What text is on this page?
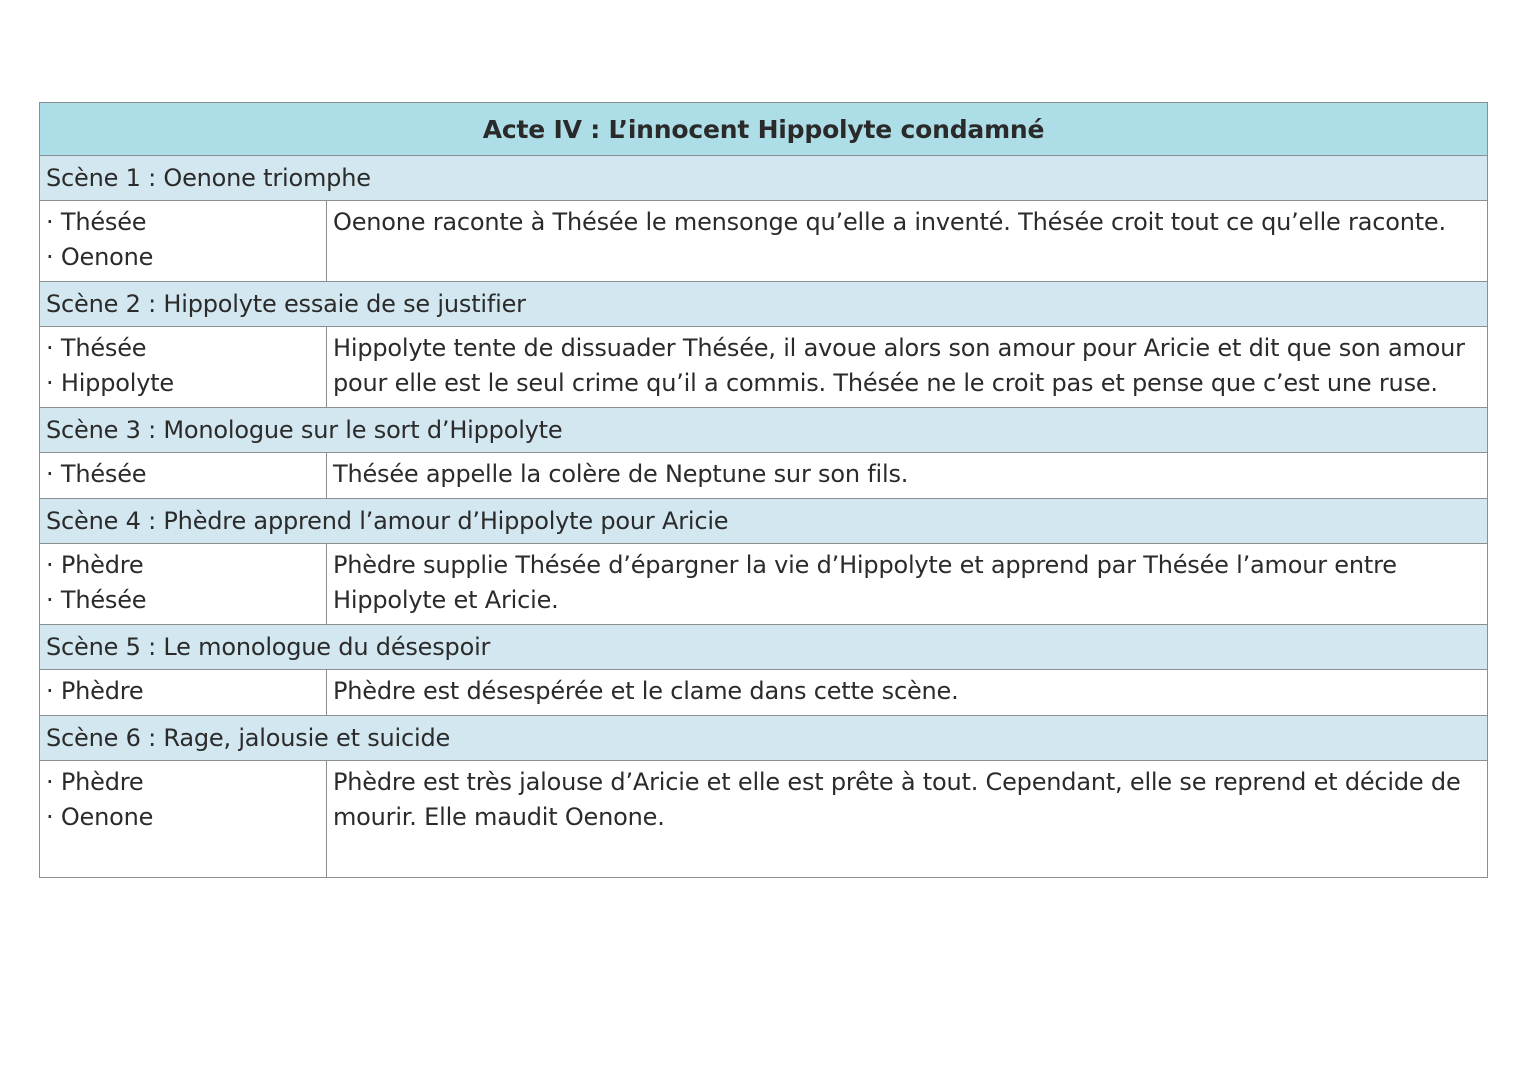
Acte IV : L’innocent Hippolyte condamné	
Scène 1 : Oenone triomphe	

· Thésée
· Oenone	Oenone raconte à Thésée le mensonge qu’elle a inventé. Thésée croit tout ce qu’elle raconte.
Scène 2 : Hippolyte essaie de se justifier	

· Thésée
· Hippolyte	Hippolyte tente de dissuader Thésée, il avoue alors son amour pour Aricie et dit que son amour pour elle est le seul crime qu’il a commis. Thésée ne le croit pas et pense que c’est une ruse.
Scène 3 : Monologue sur le sort d’Hippolyte	

· Thésée	Thésée appelle la colère de Neptune sur son fils.
Scène 4 : Phèdre apprend l’amour d’Hippolyte pour Aricie	

· Phèdre
· Thésée	Phèdre supplie Thésée d’épargner la vie d’Hippolyte et apprend par Thésée l’amour entre Hippolyte et Aricie.
Scène 5 : Le monologue du désespoir	

· Phèdre	Phèdre est désespérée et le clame dans cette scène.
Scène 6 : Rage, jalousie et suicide	

· Phèdre
· Oenone	Phèdre est très jalouse d’Aricie et elle est prête à tout. Cependant, elle se reprend et décide de mourir. Elle maudit Oenone.
